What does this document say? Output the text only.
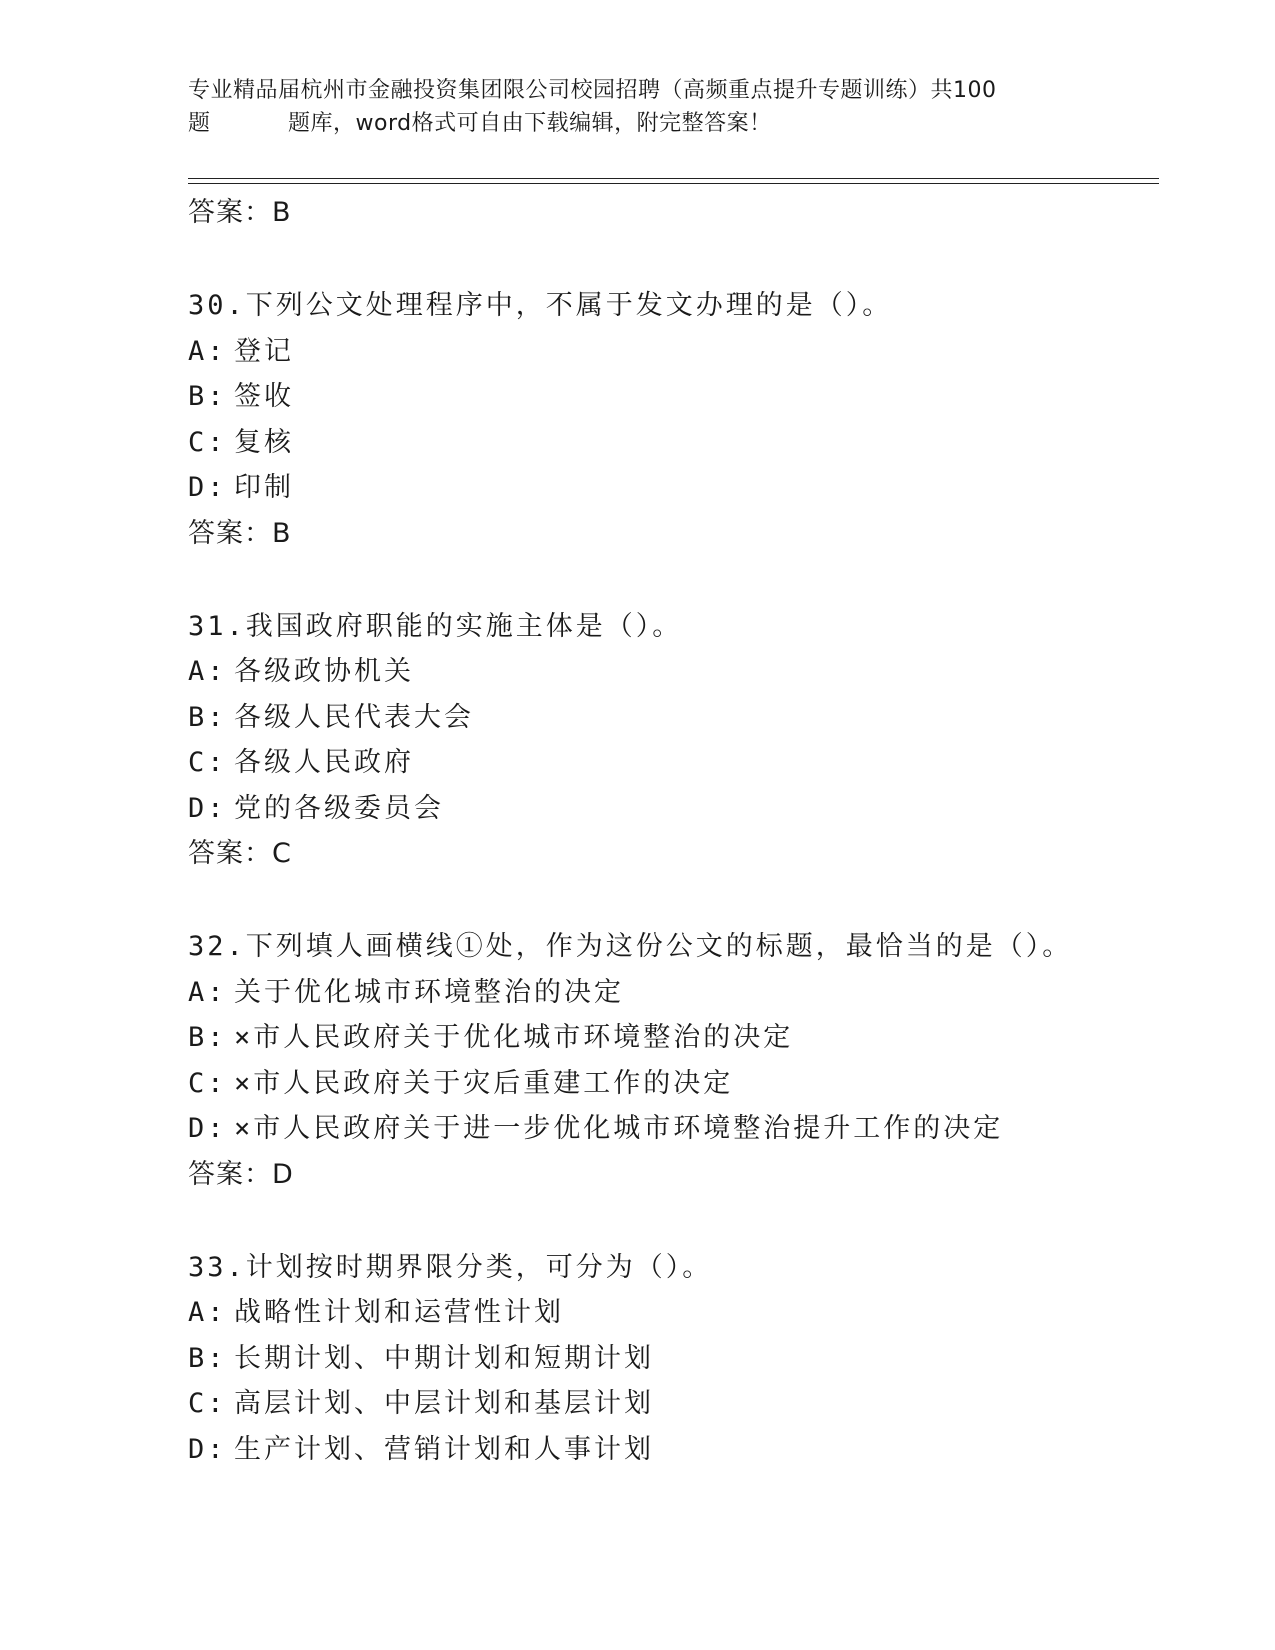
专业精品届杭州市金融投资集团限公司校园招聘（高频重点提升专题训练）共100
题	题库，word格式可自由下载编辑，附完整答案！
答案：B
30.下列公文处理程序中，不属于发文办理的是（）。
A: 登记
B: 签收
C: 复核
D: 印制
答案：B
31.我国政府职能的实施主体是（）。
A: 各级政协机关
B: 各级人民代表大会
C: 各级人民政府
D: 党的各级委员会
答案：C
32.下列填人画横线①处，作为这份公文的标题，最恰当的是（）。
A: 关于优化城市环境整治的决定
B: ×市人民政府关于优化城市环境整治的决定
C: ×市人民政府关于灾后重建工作的决定
D: ×市人民政府关于进一步优化城市环境整治提升工作的决定
答案：D
33.计划按时期界限分类，可分为（）。
A: 战略性计划和运营性计划
B: 长期计划、中期计划和短期计划
C: 高层计划、中层计划和基层计划
D: 生产计划、营销计划和人事计划
